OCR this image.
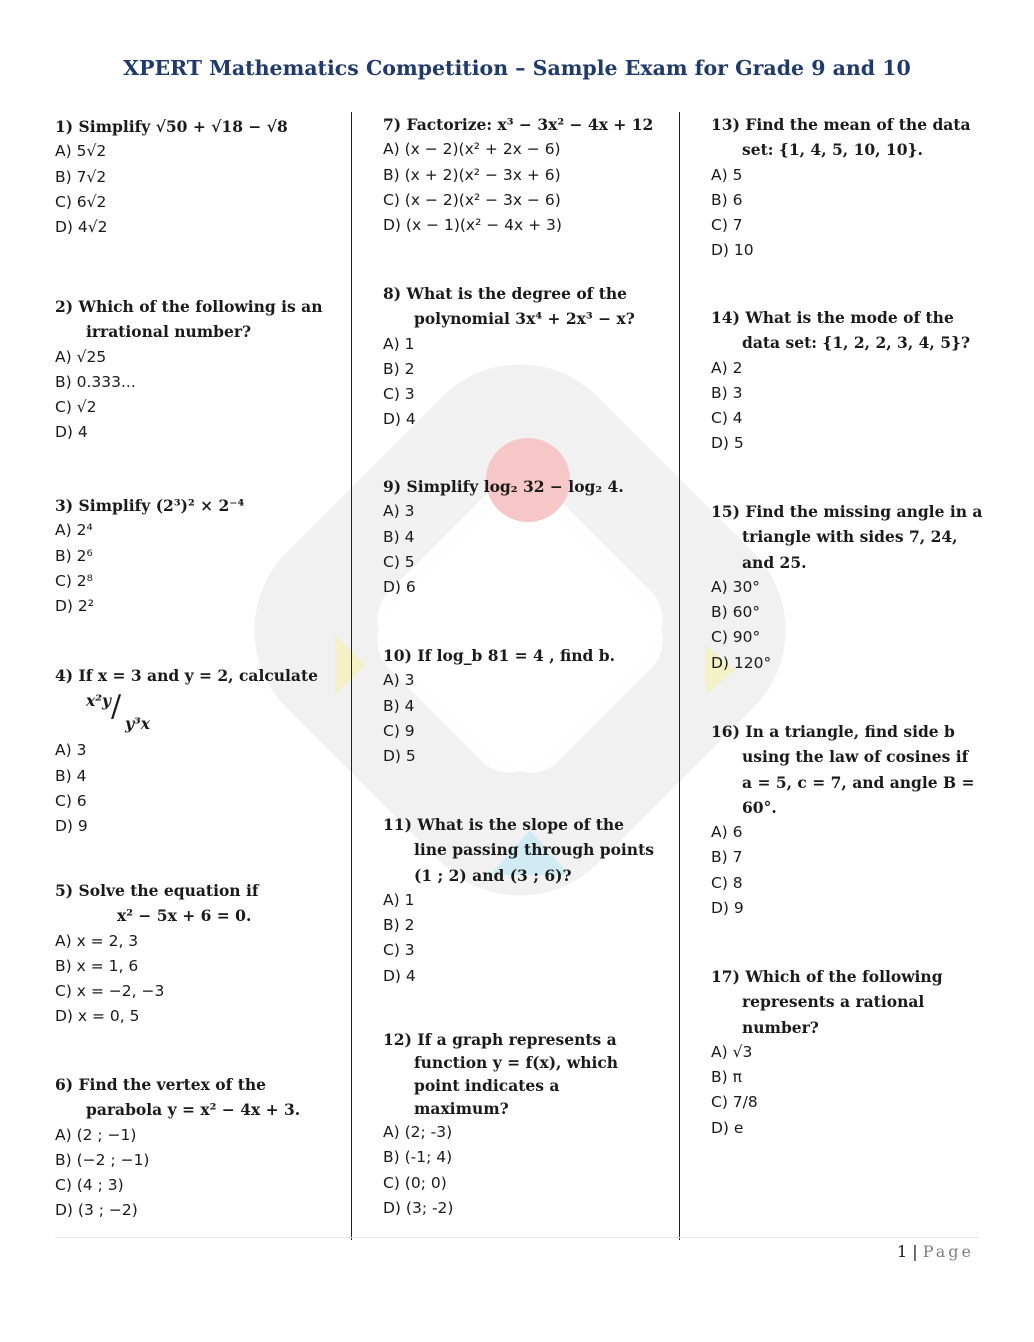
XPERT Mathematics Competition – Sample Exam for Grade 9 and 10
1) Simplify √50 + √18 − √8
A) 5√2
B) 7√2
C) 6√2
D) 4√2
2) Which of the following is an
irrational number?
A) √25
B) 0.333...
C) √2
D) 4
3) Simplify (2³)² × 2⁻⁴
A) 2⁴
B) 2⁶
C) 2⁸
D) 2²
4) If x = 3 and y = 2, calculate
x²y / y³x
A) 3
B) 4
C) 6
D) 9
5) Solve the equation if
x² − 5x + 6 = 0.
A) x = 2, 3
B) x = 1, 6
C) x = −2, −3
D) x = 0, 5
6) Find the vertex of the
parabola y = x² − 4x + 3.
A) (2 ; −1)
B) (−2 ; −1)
C) (4 ; 3)
D) (3 ; −2)
7) Factorize: x³ − 3x² − 4x + 12
A) (x − 2)(x² + 2x − 6)
B) (x + 2)(x² − 3x + 6)
C) (x − 2)(x² − 3x − 6)
D) (x − 1)(x² − 4x + 3)
8) What is the degree of the
polynomial 3x⁴ + 2x³ − x?
A) 1
B) 2
C) 3
D) 4
9) Simplify log₂ 32 − log₂ 4.
A) 3
B) 4
C) 5
D) 6
10) If log_b 81 = 4 , find b.
A) 3
B) 4
C) 9
D) 5
11) What is the slope of the
line passing through points
(1 ; 2) and (3 ; 6)?
A) 1
B) 2
C) 3
D) 4
12) If a graph represents a
function y = f(x), which
point indicates a
maximum?
A) (2; -3)
B) (-1; 4)
C) (0; 0)
D) (3; -2)
13) Find the mean of the data
set: {1, 4, 5, 10, 10}.
A) 5
B) 6
C) 7
D) 10
14) What is the mode of the
data set: {1, 2, 2, 3, 4, 5}?
A) 2
B) 3
C) 4
D) 5
15) Find the missing angle in a
triangle with sides 7, 24,
and 25.
A) 30°
B) 60°
C) 90°
D) 120°
16) In a triangle, find side b
using the law of cosines if
a = 5, c = 7, and angle B =
60°.
A) 6
B) 7
C) 8
D) 9
17) Which of the following
represents a rational
number?
A) √3
B) π
C) 7/8
D) e
1 | Page
